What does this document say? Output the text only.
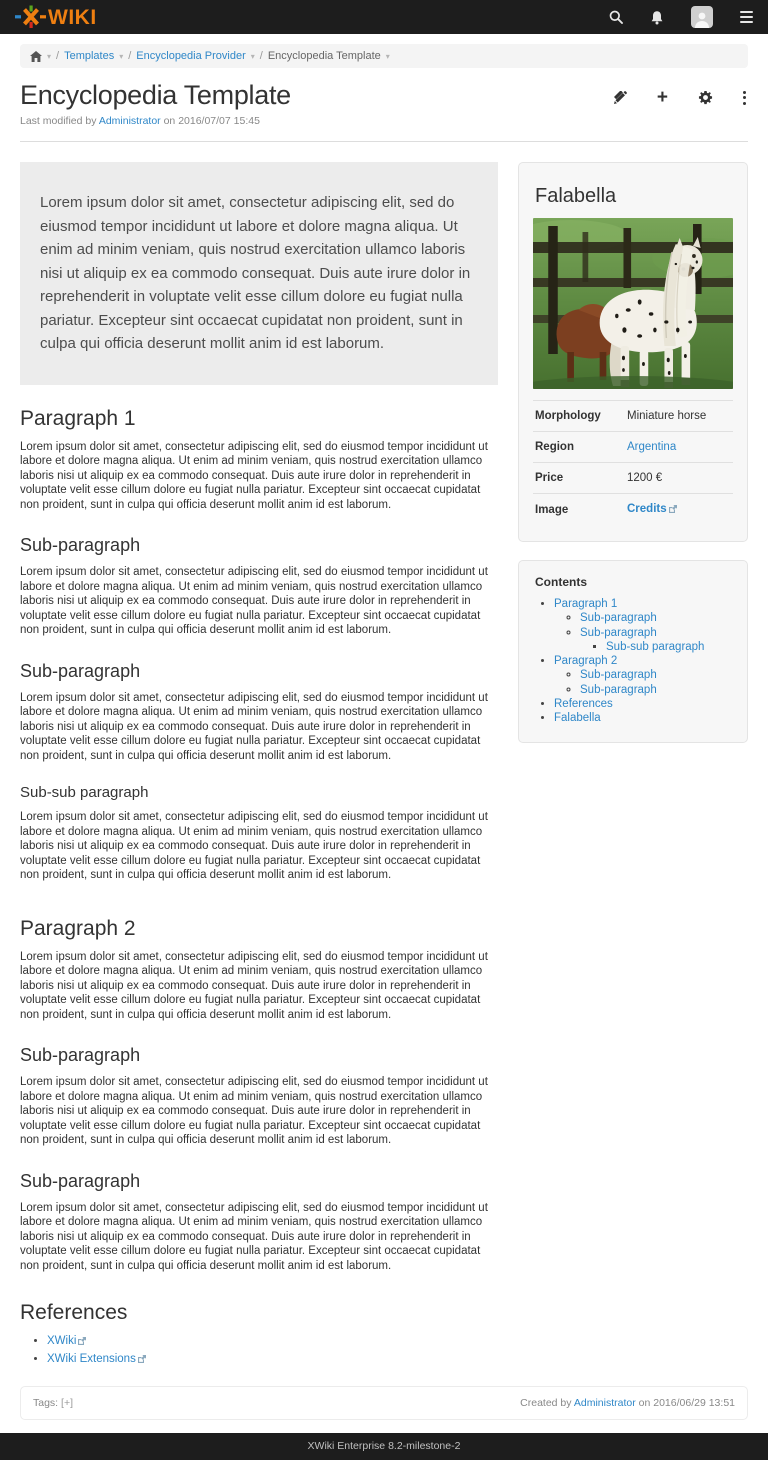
WIKI
▾ / Templates ▾ / Encyclopedia Provider ▾ / Encyclopedia Template ▾
Encyclopedia Template	+
Last modified by Administrator on 2016/07/07 15:45
Lorem ipsum dolor sit amet, consectetur adipiscing elit, sed do eiusmod tempor incididunt ut labore et dolore magna aliqua. Ut enim ad minim veniam, quis nostrud exercitation ullamco laboris nisi ut aliquip ex ea commodo consequat. Duis aute irure dolor in reprehenderit in voluptate velit esse cillum dolore eu fugiat nulla pariatur. Excepteur sint occaecat cupidatat non proident, sunt in culpa qui officia deserunt mollit anim id est laborum.
Paragraph 1

Lorem ipsum dolor sit amet, consectetur adipiscing elit, sed do eiusmod tempor incididunt ut labore et dolore magna aliqua. Ut enim ad minim veniam, quis nostrud exercitation ullamco laboris nisi ut aliquip ex ea commodo consequat. Duis aute irure dolor in reprehenderit in voluptate velit esse cillum dolore eu fugiat nulla pariatur. Excepteur sint occaecat cupidatat non proident, sunt in culpa qui officia deserunt mollit anim id est laborum.

Sub-paragraph

Lorem ipsum dolor sit amet, consectetur adipiscing elit, sed do eiusmod tempor incididunt ut labore et dolore magna aliqua. Ut enim ad minim veniam, quis nostrud exercitation ullamco laboris nisi ut aliquip ex ea commodo consequat. Duis aute irure dolor in reprehenderit in voluptate velit esse cillum dolore eu fugiat nulla pariatur. Excepteur sint occaecat cupidatat non proident, sunt in culpa qui officia deserunt mollit anim id est laborum.

Sub-paragraph

Lorem ipsum dolor sit amet, consectetur adipiscing elit, sed do eiusmod tempor incididunt ut labore et dolore magna aliqua. Ut enim ad minim veniam, quis nostrud exercitation ullamco laboris nisi ut aliquip ex ea commodo consequat. Duis aute irure dolor in reprehenderit in voluptate velit esse cillum dolore eu fugiat nulla pariatur. Excepteur sint occaecat cupidatat non proident, sunt in culpa qui officia deserunt mollit anim id est laborum.

Sub-sub paragraph

Lorem ipsum dolor sit amet, consectetur adipiscing elit, sed do eiusmod tempor incididunt ut labore et dolore magna aliqua. Ut enim ad minim veniam, quis nostrud exercitation ullamco laboris nisi ut aliquip ex ea commodo consequat. Duis aute irure dolor in reprehenderit in voluptate velit esse cillum dolore eu fugiat nulla pariatur. Excepteur sint occaecat cupidatat non proident, sunt in culpa qui officia deserunt mollit anim id est laborum.

Paragraph 2

Lorem ipsum dolor sit amet, consectetur adipiscing elit, sed do eiusmod tempor incididunt ut labore et dolore magna aliqua. Ut enim ad minim veniam, quis nostrud exercitation ullamco laboris nisi ut aliquip ex ea commodo consequat. Duis aute irure dolor in reprehenderit in voluptate velit esse cillum dolore eu fugiat nulla pariatur. Excepteur sint occaecat cupidatat non proident, sunt in culpa qui officia deserunt mollit anim id est laborum.

Sub-paragraph

Lorem ipsum dolor sit amet, consectetur adipiscing elit, sed do eiusmod tempor incididunt ut labore et dolore magna aliqua. Ut enim ad minim veniam, quis nostrud exercitation ullamco laboris nisi ut aliquip ex ea commodo consequat. Duis aute irure dolor in reprehenderit in voluptate velit esse cillum dolore eu fugiat nulla pariatur. Excepteur sint occaecat cupidatat non proident, sunt in culpa qui officia deserunt mollit anim id est laborum.

Sub-paragraph

Lorem ipsum dolor sit amet, consectetur adipiscing elit, sed do eiusmod tempor incididunt ut labore et dolore magna aliqua. Ut enim ad minim veniam, quis nostrud exercitation ullamco laboris nisi ut aliquip ex ea commodo consequat. Duis aute irure dolor in reprehenderit in voluptate velit esse cillum dolore eu fugiat nulla pariatur. Excepteur sint occaecat cupidatat non proident, sunt in culpa qui officia deserunt mollit anim id est laborum.

References
• XWiki
• XWiki Extensions
Falabella
Morphology	Miniature horse
Region	Argentina
Price	1200 €
Image	Credits
Contents
• Paragraph 1
◦ Sub-paragraph
◦ Sub-paragraph
▪ Sub-sub paragraph
• Paragraph 2
◦ Sub-paragraph
◦ Sub-paragraph
• References
• Falabella
Tags:
[+]	Created by Administrator on 2016/06/29 13:51
XWiki Enterprise 8.2-milestone-2
